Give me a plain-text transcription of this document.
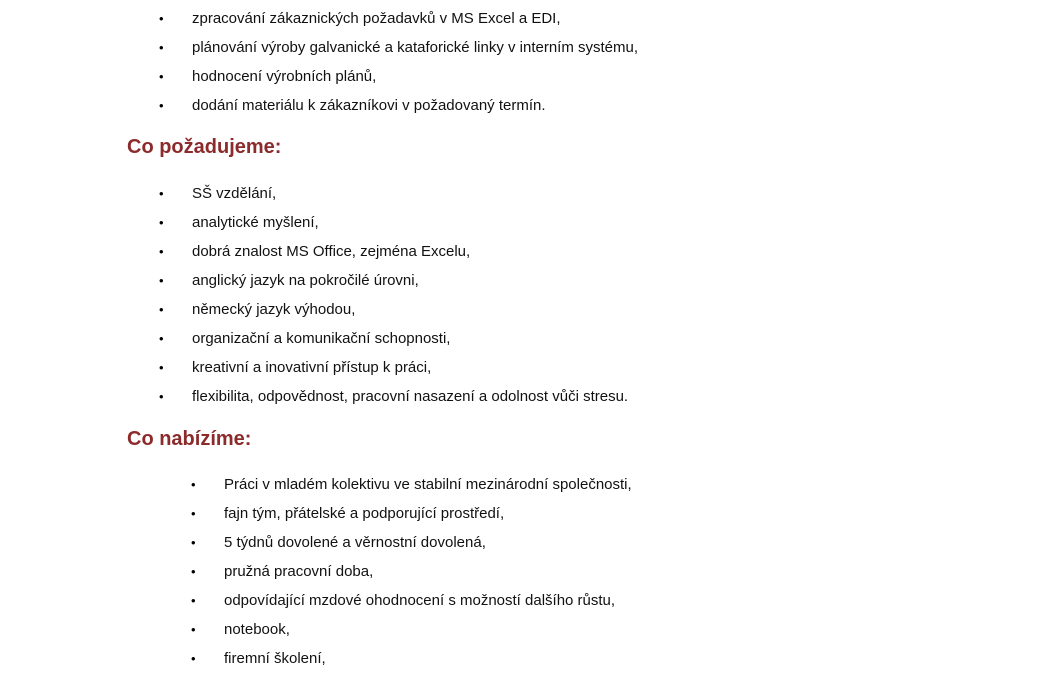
• zpracování zákaznických požadavků v MS Excel a EDI,
• plánování výroby galvanické a kataforické linky v interním systému,
• hodnocení výrobních plánů,
• dodání materiálu k zákazníkovi v požadovaný termín.
Co požadujeme:
• SŠ vzdělání,
• analytické myšlení,
• dobrá znalost MS Office, zejména Excelu,
• anglický jazyk na pokročilé úrovni,
• německý jazyk výhodou,
• organizační a komunikační schopnosti,
• kreativní a inovativní přístup k práci,
• flexibilita, odpovědnost, pracovní nasazení a odolnost vůči stresu.
Co nabízíme:
• Práci v mladém kolektivu ve stabilní mezinárodní společnosti,
• fajn tým, přátelské a podporující prostředí,
• 5 týdnů dovolené a věrnostní dovolená,
• pružná pracovní doba,
• odpovídající mzdové ohodnocení s možností dalšího růstu,
• notebook,
• firemní školení,
